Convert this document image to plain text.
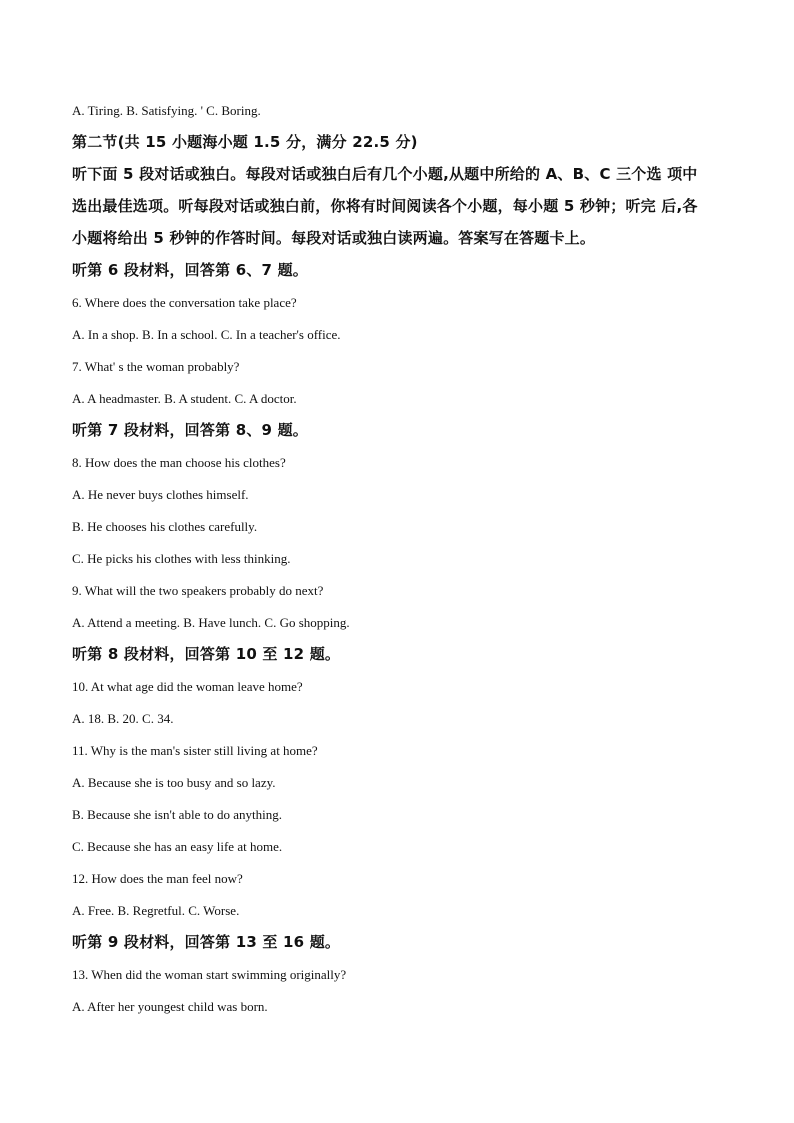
A. Tiring. B. Satisfying. ' C. Boring.

第二节(共 15 小题海小题 1.5 分，满分 22.5 分)

听下面 5 段对话或独白。每段对话或独白后有几个小题,从题中所给的 A、B、C 三个选 项中

选出最佳选项。听每段对话或独白前，你将有时间阅读各个小题，每小题 5 秒钟；听完 后,各

小题将给出 5 秒钟的作答时间。每段对话或独白读两遍。答案写在答题卡上。

听第 6 段材料，回答第 6、7 题。

6. Where does the conversation take place?

A. In a shop. B. In a school. C. In a teacher's office.

7. What' s the woman probably?

A. A headmaster. B. A student. C. A doctor.

听第 7 段材料，回答第 8、9 题。

8. How does the man choose his clothes?

A. He never buys clothes himself.

B. He chooses his clothes carefully.

C. He picks his clothes with less thinking.

9. What will the two speakers probably do next?

A. Attend a meeting. B. Have lunch. C. Go shopping.

听第 8 段材料，回答第 10 至 12 题。

10. At what age did the woman leave home?

A. 18. B. 20. C. 34.

11. Why is the man's sister still living at home?

A. Because she is too busy and so lazy.

B. Because she isn't able to do anything.

C. Because she has an easy life at home.

12. How does the man feel now?

A. Free. B. Regretful. C. Worse.

听第 9 段材料，回答第 13 至 16 题。

13. When did the woman start swimming originally?

A. After her youngest child was born.
